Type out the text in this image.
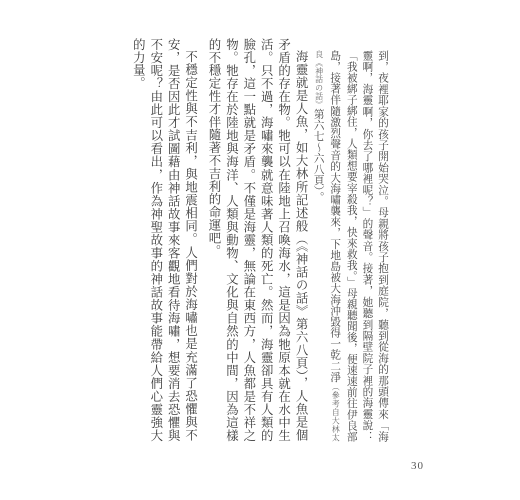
到，夜裡耶家的孩子開始哭泣。母親將孩子抱到庭院，聽到從海的那頭傳來「海靈啊，海靈啊，你去了哪裡呢？」的聲音。接著，她聽到隔壁院子裡的海靈說：「我被綁子綁住，人類想要宰殺我，快來救我。」母親聽聞後，便速速前往伊良部島，接著伴隨激烈聲音的大海嘯襲來，下地島被大海沖毀得一乾二淨（參考自大林太良《神話の話》第六七～六八頁）。

海靈就是人魚，如大林所記述般（《神話の話》第六八頁），人魚是個矛盾的存在物。牠可以在陸地上召喚海水，這是因為牠原本就在水中生活。只不過，海嘯來襲就意味著人類的死亡。然而，海靈卻具有人類的臉孔，這一點就是矛盾。不僅是海靈，無論在東西方，人魚都是不祥之物。牠存在於陸地與海洋、人類與動物、文化與自然的中間，因為這樣的不穩定性才伴隨著不吉利的命運吧。

不穩定性與不吉利，與地震相同。人們對於海嘯也是充滿了恐懼與不安，是否因此才試圖藉由神話故事來客觀地看待海嘯，想要消去恐懼與不安呢？由此可以看出，作為神聖故事的神話故事能帶給人們心靈強大的力量。

30
